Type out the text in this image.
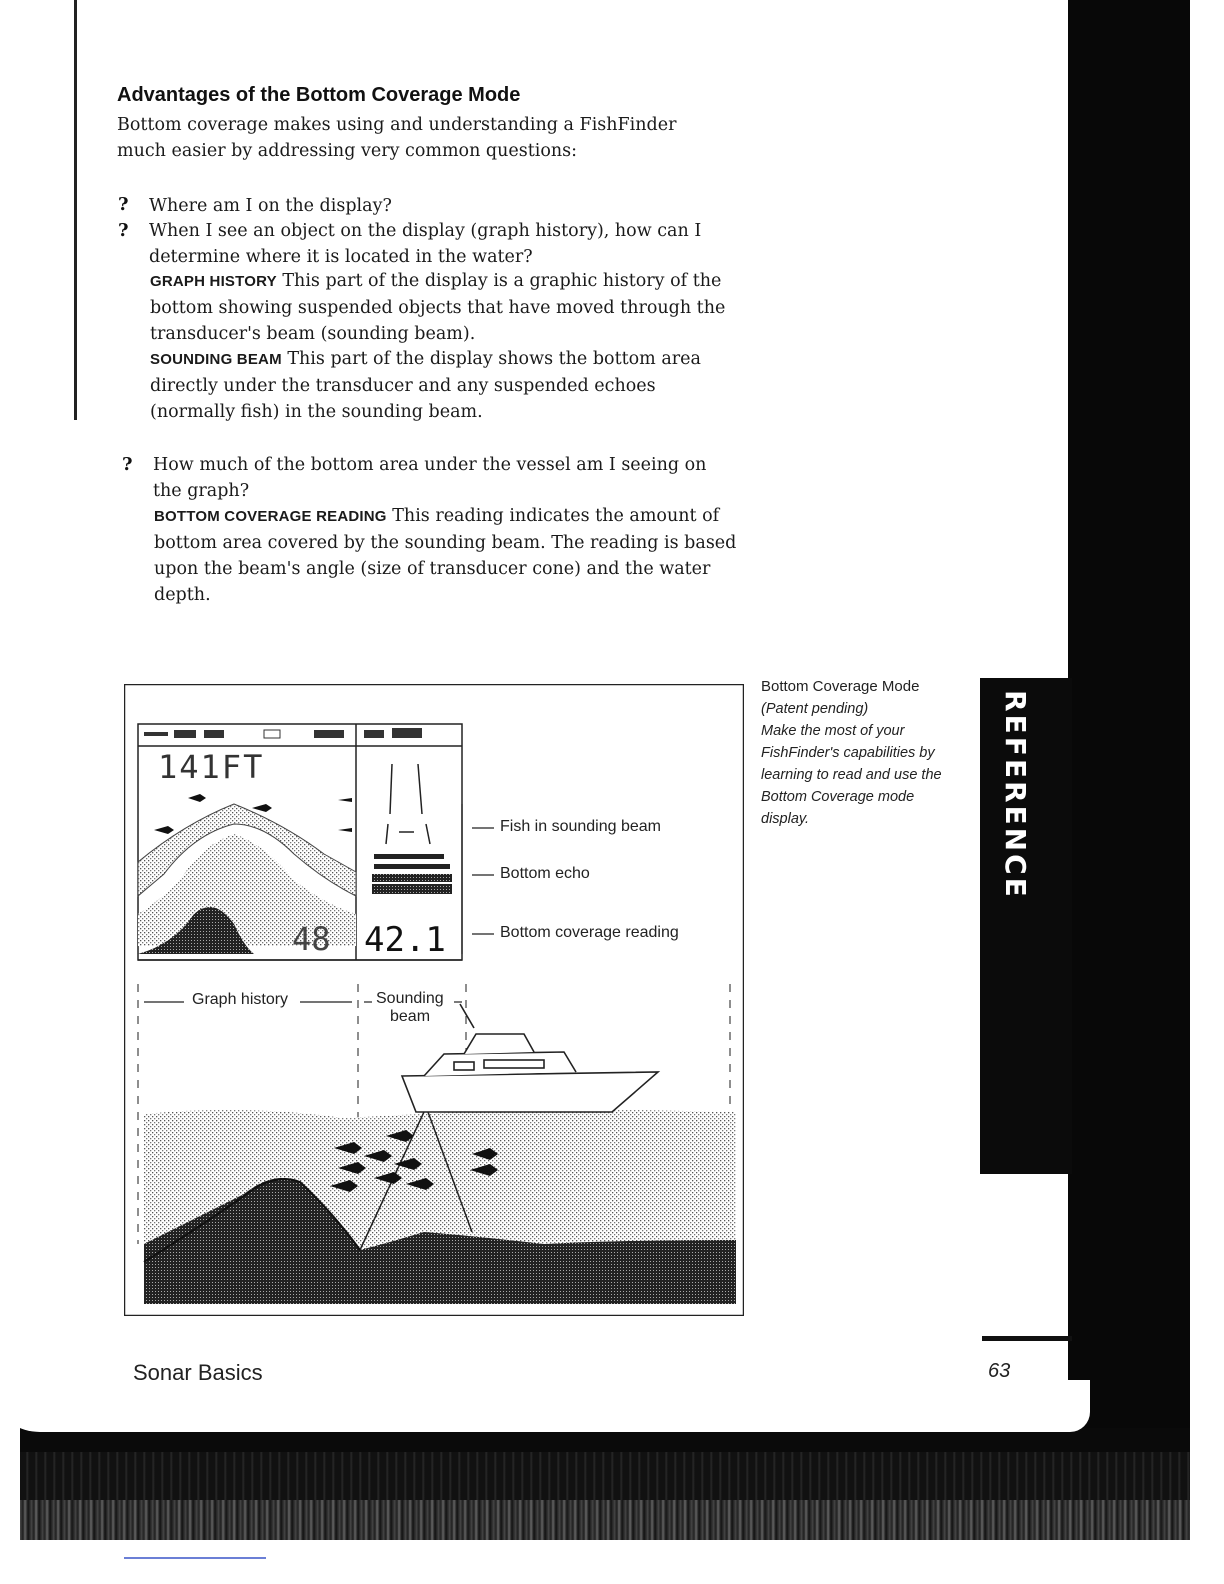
Advantages of the Bottom Coverage Mode

Bottom coverage makes using and understanding a FishFinder much easier by addressing very common questions:

? Where am I on the display?

? When I see an object on the display (graph history), how can I determine where it is located in the water?

GRAPH HISTORY This part of the display is a graphic history of the bottom showing suspended objects that have moved through the transducer's beam (sounding beam).

SOUNDING BEAM This part of the display shows the bottom area directly under the transducer and any suspended echoes (normally fish) in the sounding beam.

? How much of the bottom area under the vessel am I seeing on the graph?

BOTTOM COVERAGE READING This reading indicates the amount of bottom area covered by the sounding beam. The reading is based upon the beam's angle (size of transducer cone) and the water depth.

141FT
48 42.1
Fish in sounding beam
Bottom echo
Bottom coverage reading
Graph history	Sounding
beam
Bottom Coverage Mode
(Patent pending)
Make the most of your FishFinder's capabilities by learning to read and use the Bottom Coverage mode display.	REFERENCE
Sonar Basics	63
